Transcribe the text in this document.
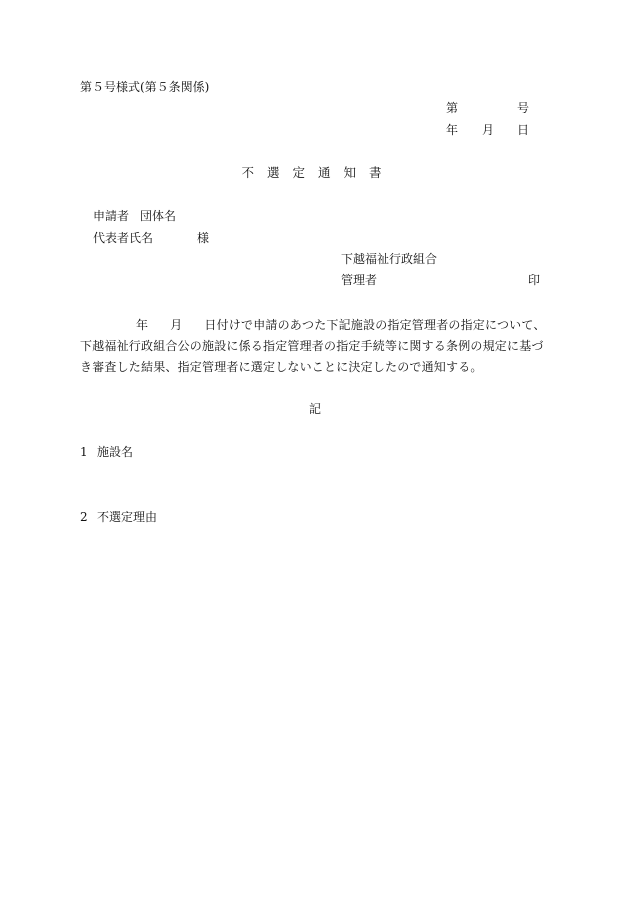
第５号様式(第５条関係)
第	号
年 月 日
不選定通知書
申請者 団体名
代表者氏名	様
下越福祉行政組合
管理者	印
年 月 日付けで申請のあつた下記施設の指定管理者の指定について、下越福祉行政組合公の施設に係る指定管理者の指定手続等に関する条例の規定に基づき審査した結果、指定管理者に選定しないことに決定したので通知する。
記
1 施設名
2 不選定理由
